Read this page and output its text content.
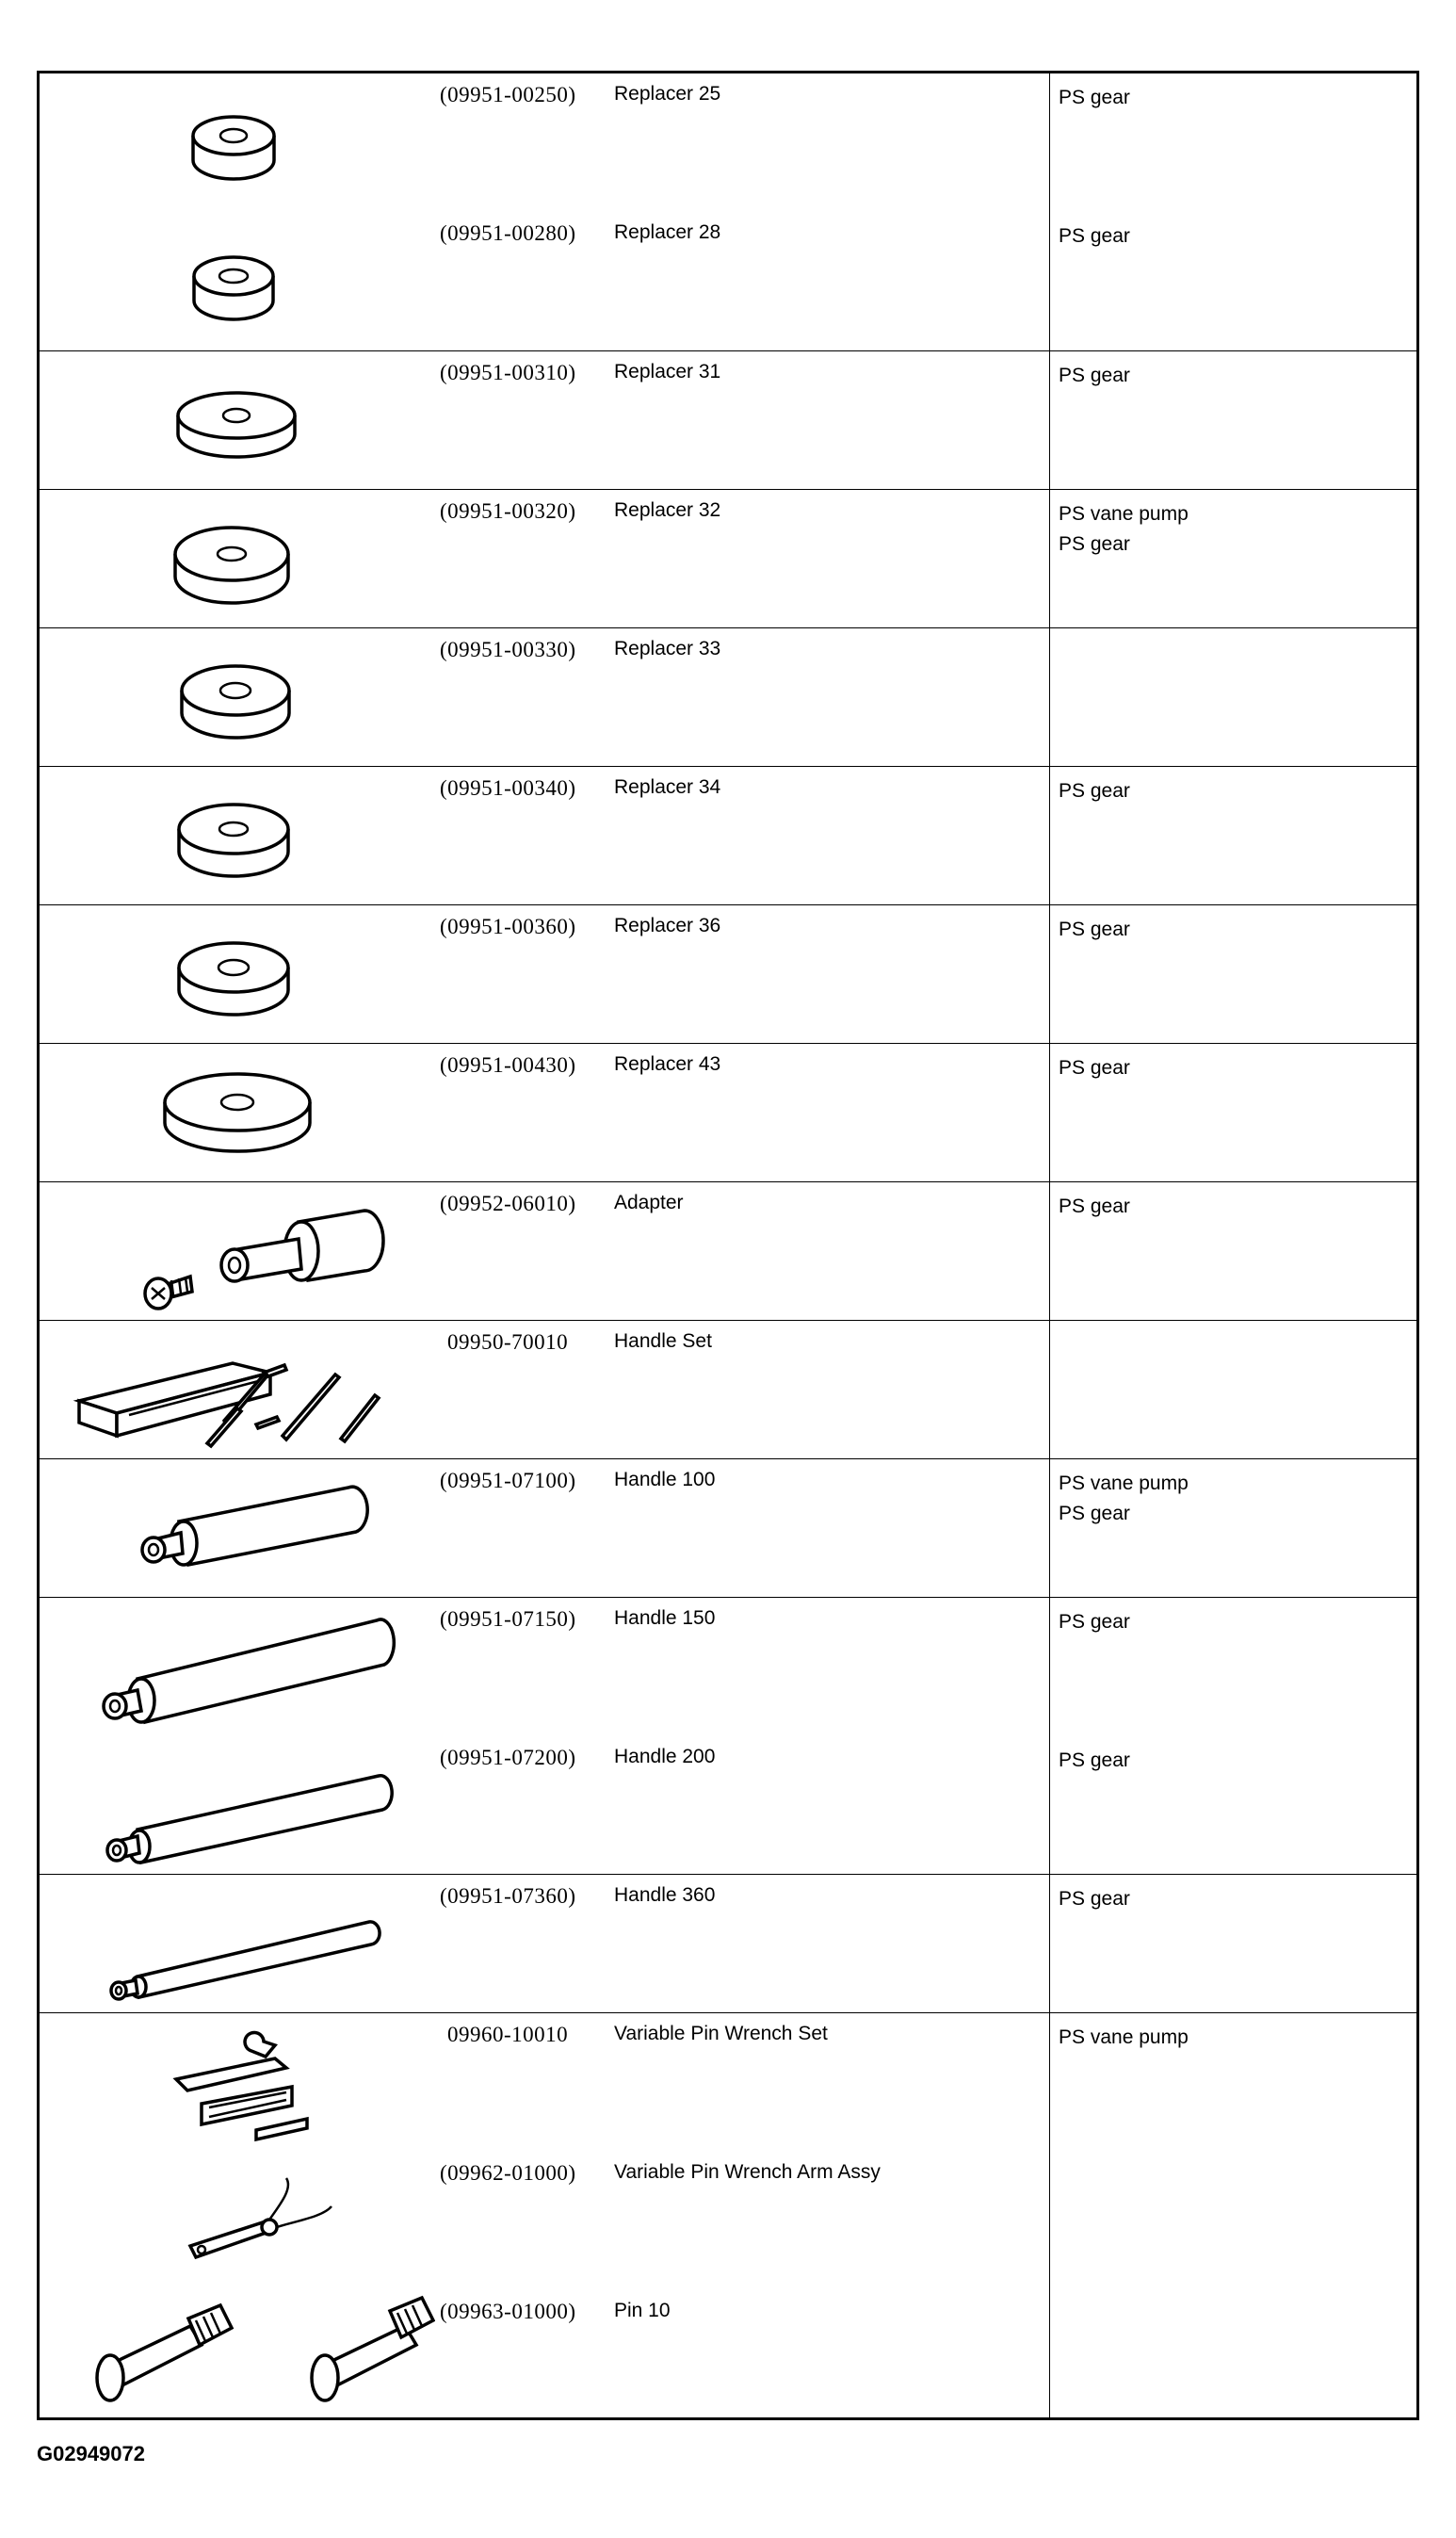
(09951-00250)	Replacer 25	PS gear
(09951-00280)	Replacer 28	PS gear
(09951-00310)	Replacer 31	PS gear
(09951-00320)	Replacer 32	PS vane pump
PS gear
(09951-00330)	Replacer 33
(09951-00340)	Replacer 34	PS gear
(09951-00360)	Replacer 36	PS gear
(09951-00430)	Replacer 43	PS gear
(09952-06010)	Adapter	PS gear
09950-70010	Handle Set
(09951-07100)	Handle 100	PS vane pump
PS gear
(09951-07150)	Handle 150	PS gear
(09951-07200)	Handle 200	PS gear
(09951-07360)	Handle 360	PS gear
09960-10010	Variable Pin Wrench Set	PS vane pump
(09962-01000)	Variable Pin Wrench Arm Assy
(09963-01000)	Pin 10
G02949072
